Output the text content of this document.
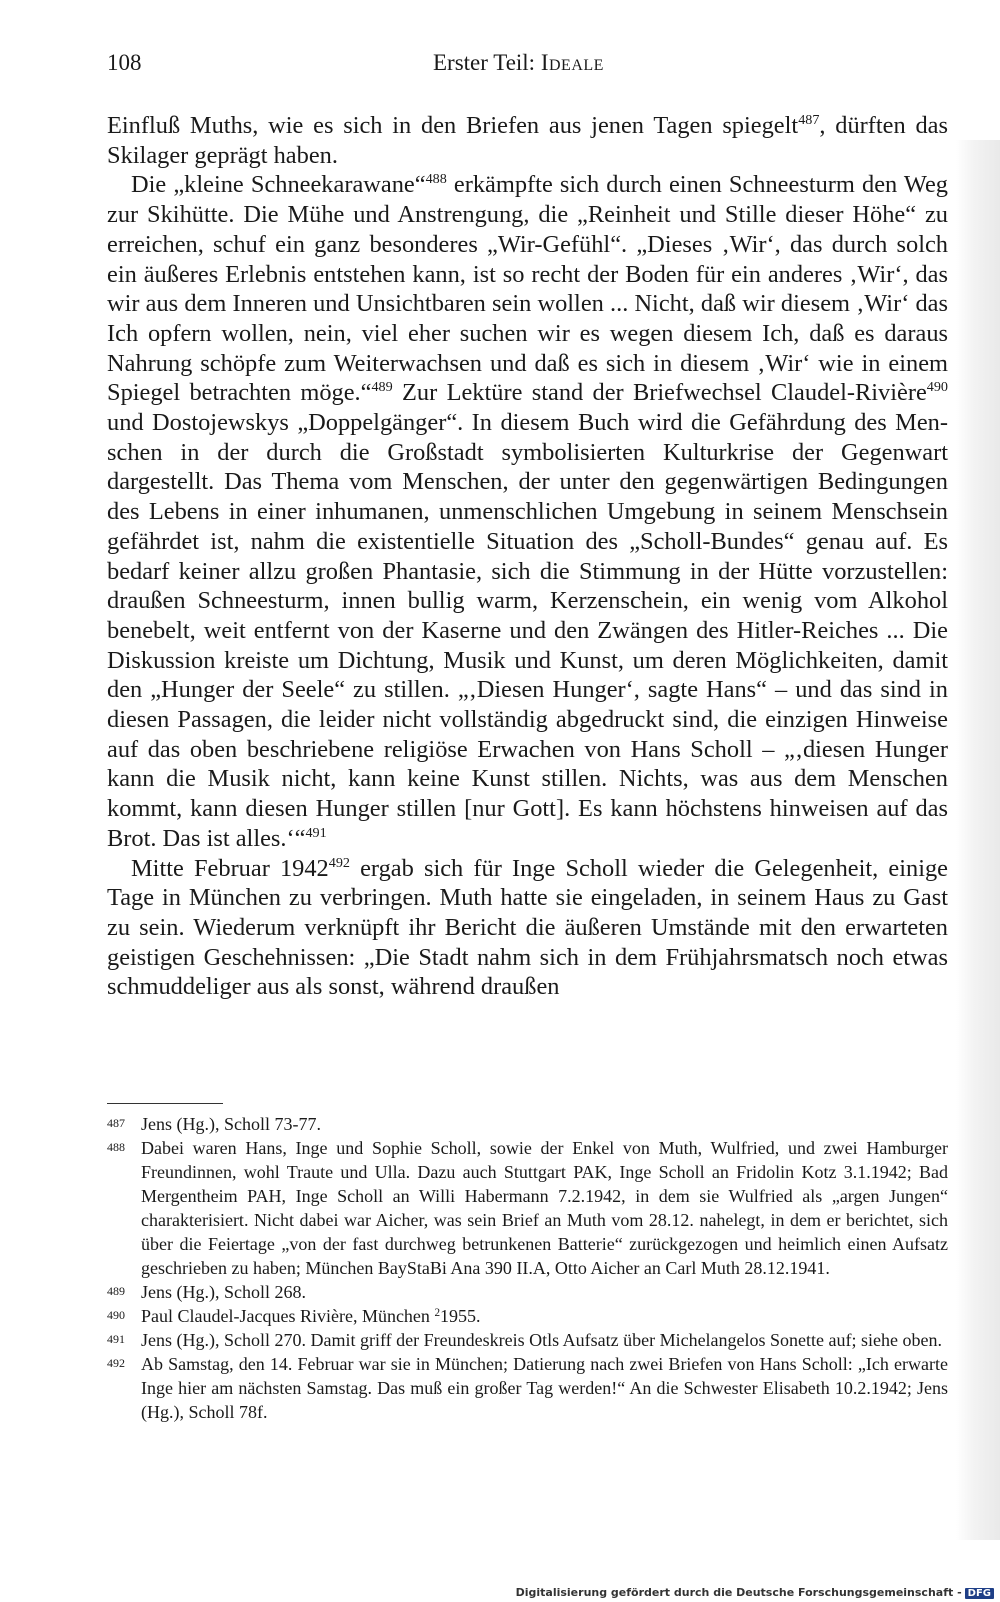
108	Erster Teil: Ideale

Einfluß Muths, wie es sich in den Briefen aus jenen Tagen spiegelt$^{487}$, dürften das Skilager geprägt haben.

Die „kleine Schneekarawane“$^{488}$ erkämpfte sich durch einen Schneesturm den Weg zur Skihütte. Die Mühe und Anstrengung, die „Reinheit und Stille dieser Höhe“ zu erreichen, schuf ein ganz besonderes „Wir-Gefühl“. „Dieses ‚Wir‘, das durch solch ein äußeres Erlebnis entstehen kann, ist so recht der Boden für ein anderes ‚Wir‘, das wir aus dem Inneren und Unsichtbaren sein wollen ... Nicht, daß wir diesem ‚Wir‘ das Ich opfern wollen, nein, viel eher suchen wir es wegen diesem Ich, daß es daraus Nahrung schöpfe zum Weiterwachsen und daß es sich in diesem ‚Wir‘ wie in einem Spiegel betrachten möge.“$^{489}$ Zur Lektüre stand der Briefwechsel Claudel-Rivière$^{490}$ und Dostojewskys „Doppelgänger“. In diesem Buch wird die Gefährdung des Menschen in der durch die Großstadt symbolisierten Kulturkrise der Gegenwart dargestellt. Das Thema vom Menschen, der unter den gegenwärtigen Bedingungen des Lebens in einer inhumanen, unmenschlichen Umgebung in seinem Menschsein gefährdet ist, nahm die existentielle Situation des „Scholl-Bundes“ genau auf. Es bedarf keiner allzu großen Phantasie, sich die Stimmung in der Hütte vorzustellen: draußen Schneesturm, innen bullig warm, Kerzenschein, ein wenig vom Alkohol benebelt, weit entfernt von der Kaserne und den Zwängen des Hitler-Reiches ... Die Diskussion kreiste um Dichtung, Musik und Kunst, um deren Möglichkeiten, damit den „Hunger der Seele“ zu stillen. „‚Diesen Hunger‘, sagte Hans“ – und das sind in diesen Passagen, die leider nicht vollständig abgedruckt sind, die einzigen Hinweise auf das oben beschriebene religiöse Erwachen von Hans Scholl – „‚diesen Hunger kann die Musik nicht, kann keine Kunst stillen. Nichts, was aus dem Menschen kommt, kann diesen Hunger stillen [nur Gott]. Es kann höchstens hinweisen auf das Brot. Das ist alles.‘“$^{491}$

Mitte Februar 1942$^{492}$ ergab sich für Inge Scholl wieder die Gelegenheit, einige Tage in München zu verbringen. Muth hatte sie eingeladen, in seinem Haus zu Gast zu sein. Wiederum verknüpft ihr Bericht die äußeren Umstände mit den erwarteten geistigen Geschehnissen: „Die Stadt nahm sich in dem Frühjahrsmatsch noch etwas schmuddeliger aus als sonst, während draußen

487 Jens (Hg.), Scholl 73-77.
488 Dabei waren Hans, Inge und Sophie Scholl, sowie der Enkel von Muth, Wulfried, und zwei Hamburger Freundinnen, wohl Traute und Ulla. Dazu auch Stuttgart PAK, Inge Scholl an Fridolin Kotz 3.1.1942; Bad Mergentheim PAH, Inge Scholl an Willi Habermann 7.2.1942, in dem sie Wulfried als „argen Jungen“ charakterisiert. Nicht dabei war Aicher, was sein Brief an Muth vom 28.12. nahelegt, in dem er berichtet, sich über die Feiertage „von der fast durchweg betrunkenen Batterie“ zurückgezogen und heimlich einen Aufsatz geschrieben zu haben; München BayStaBi Ana 390 II.A, Otto Aicher an Carl Muth 28.12.1941.
489 Jens (Hg.), Scholl 268.
490 Paul Claudel-Jacques Rivière, München $^2$1955.
491 Jens (Hg.), Scholl 270. Damit griff der Freundeskreis Otls Aufsatz über Michelangelos Sonette auf; siehe oben.
492 Ab Samstag, den 14. Februar war sie in München; Datierung nach zwei Briefen von Hans Scholl: „Ich erwarte Inge hier am nächsten Samstag. Das muß ein großer Tag werden!“ An die Schwester Elisabeth 10.2.1942; Jens (Hg.), Scholl 78f.
Digitalisierung gefördert durch die Deutsche Forschungsgemeinschaft - DFG
